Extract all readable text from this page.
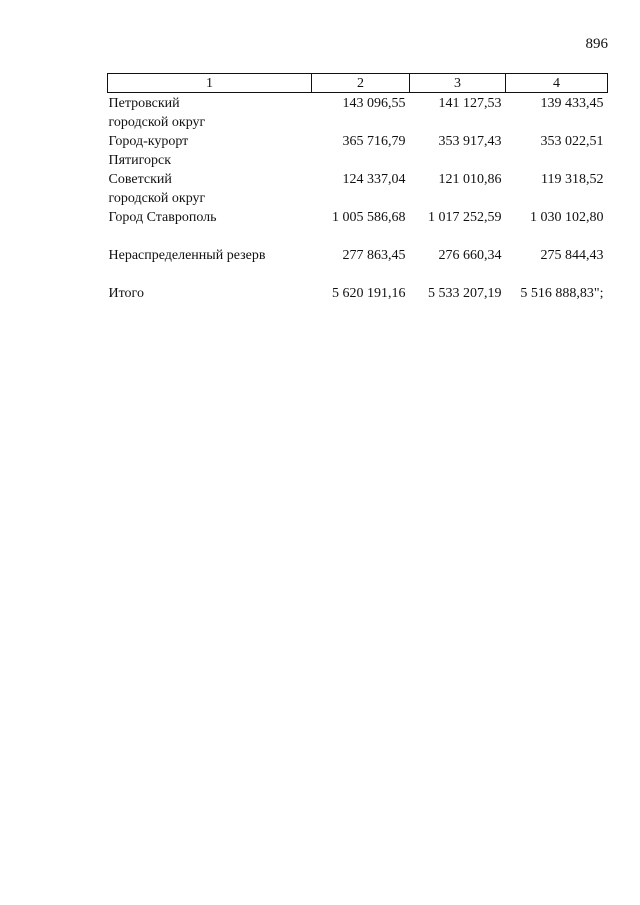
896
1	2	3	4

Петровский
городской округ	143 096,55	141 127,53	139 433,45

Город-курорт
Пятигорск	365 716,79	353 917,43	353 022,51

Советский
городской округ	124 337,04	121 010,86	119 318,52

Город Ставрополь	1 005 586,68	1 017 252,59	1 030 102,80

Нераспределенный резерв	277 863,45	276 660,34	275 844,43

Итого	5 620 191,16	5 533 207,19	5 516 888,83";
